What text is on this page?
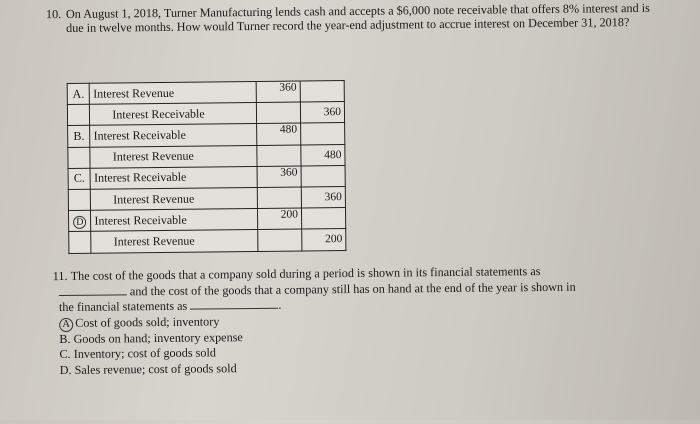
10. On August 1, 2018, Turner Manufacturing lends cash and accepts a $6,000 note receivable that offers 8% interest and is due in twelve months. How would Turner record the year-end adjustment to accrue interest on December 31, 2018?
A.	Interest Revenue	360	
	Interest Receivable		360
B.	Interest Receivable	480	
	Interest Revenue		480
C.	Interest Receivable	360	
	Interest Revenue		360
D	Interest Receivable	200	
	Interest Revenue		200
11. The cost of the goods that a company sold during a period is shown in its financial statements as
and the cost of the goods that a company still has on hand at the end of the year is shown in
the financial statements as	.
A Cost of goods sold; inventory
B. Goods on hand; inventory expense
C. Inventory; cost of goods sold
D. Sales revenue; cost of goods sold
